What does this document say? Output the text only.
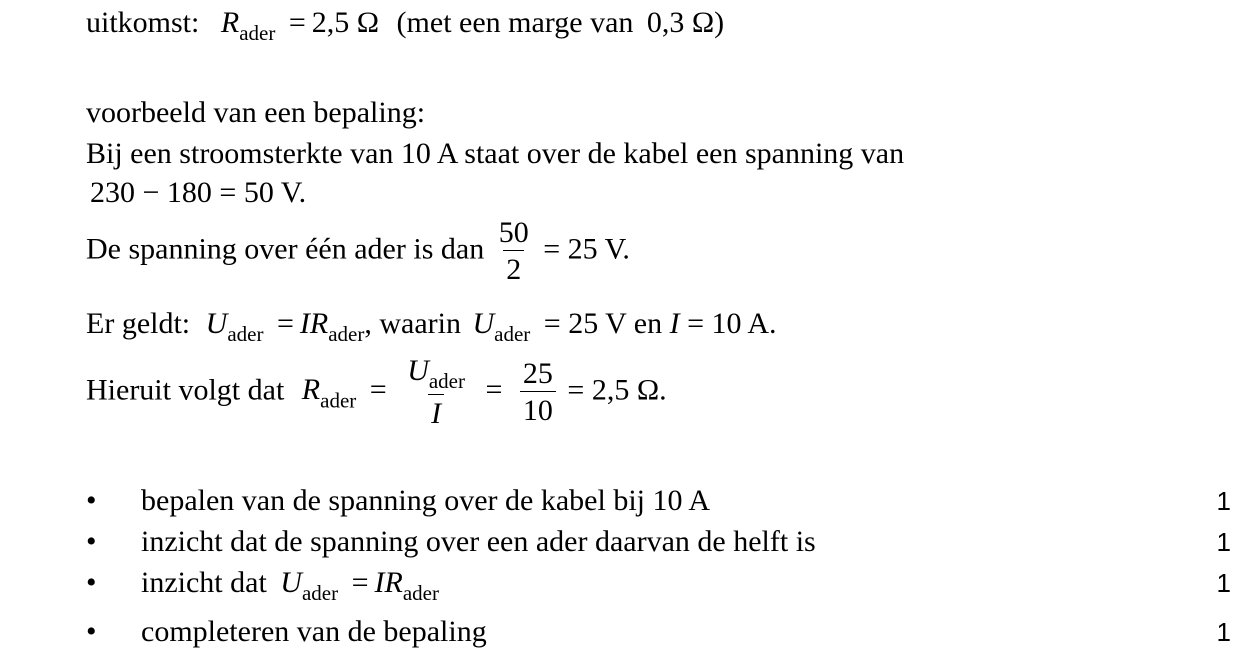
uitkomst: $R_{ader} = 2,5$ Ω (met een marge van 0,3 Ω)
voorbeeld van een bepaling:
Bij een stroomsterkte van 10 A staat over de kabel een spanning van
230 − 180 = 50 V.
De spanning over één ader is dan $\frac{50}{2} = 25$ V.
Er geldt: $U_{ader} = IR_{ader}$, waarin $U_{ader} = 25$ V en I = 10 A.
Hieruit volgt dat $R_{ader} = \frac{U_{ader}}{I} = \frac{25}{10} = 2,5$ Ω.
• bepalen van de spanning over de kabel bij 10 A	1
• inzicht dat de spanning over een ader daarvan de helft is	1
• inzicht dat $U_{ader} = IR_{ader}$	1
• completeren van de bepaling	1
